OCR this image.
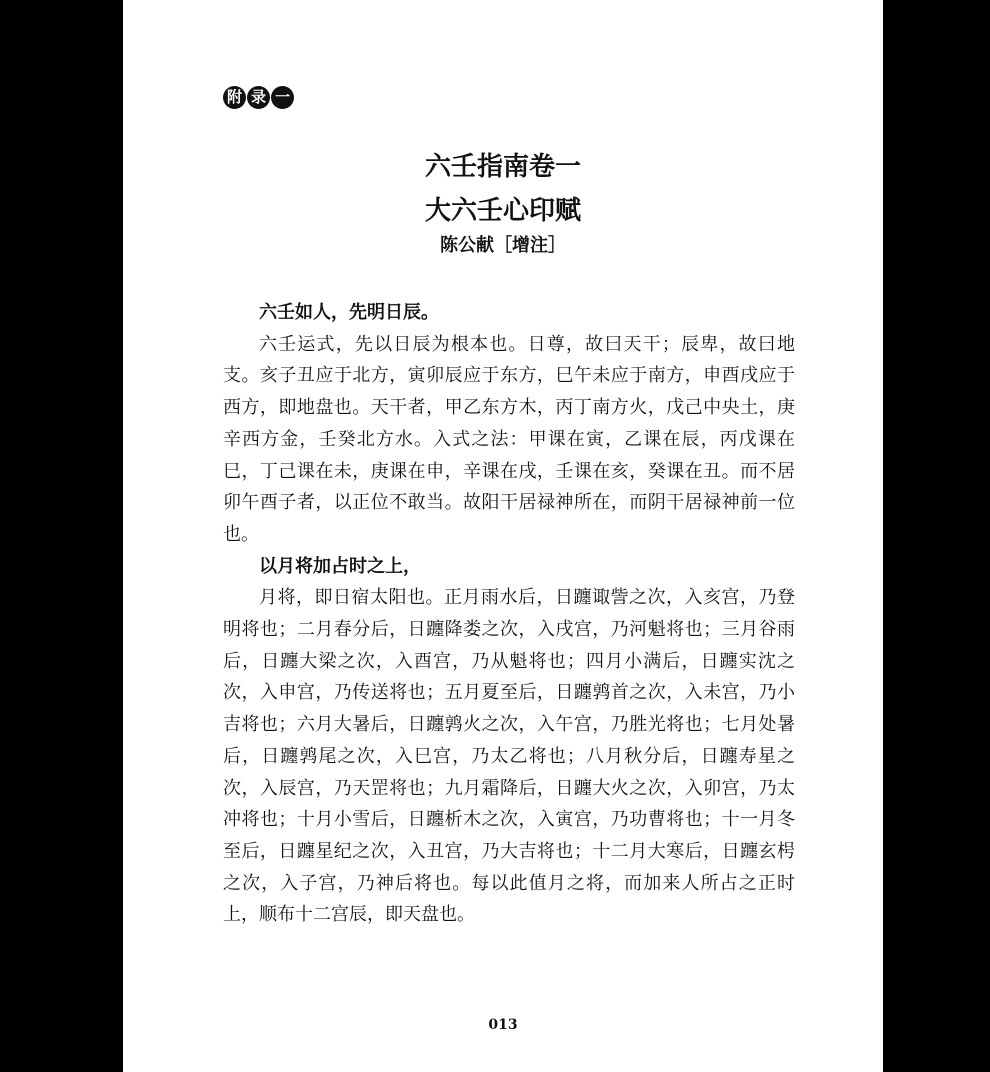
附 录 一
六壬指南卷一
大六壬心印赋
陈公献［增注］

六壬如人，先明日辰。

六壬运式，先以日辰为根本也。日尊，故曰天干；辰卑，故曰地支。亥子丑应于北方，寅卯辰应于东方，巳午未应于南方，申酉戌应于西方，即地盘也。天干者，甲乙东方木，丙丁南方火，戊己中央土，庚辛西方金，壬癸北方水。入式之法：甲课在寅，乙课在辰，丙戊课在巳，丁己课在未，庚课在申，辛课在戌，壬课在亥，癸课在丑。而不居卯午酉子者，以正位不敢当。故阳干居禄神所在，而阴干居禄神前一位也。

以月将加占时之上，

月将，即日宿太阳也。正月雨水后，日躔诹訾之次，入亥宫，乃登明将也；二月春分后，日躔降娄之次，入戌宫，乃河魁将也；三月谷雨后，日躔大梁之次，入酉宫，乃从魁将也；四月小满后，日躔实沈之次，入申宫，乃传送将也；五月夏至后，日躔鹑首之次，入未宫，乃小吉将也；六月大暑后，日躔鹑火之次，入午宫，乃胜光将也；七月处暑后，日躔鹑尾之次，入巳宫，乃太乙将也；八月秋分后，日躔寿星之次，入辰宫，乃天罡将也；九月霜降后，日躔大火之次，入卯宫，乃太冲将也；十月小雪后，日躔析木之次，入寅宫，乃功曹将也；十一月冬至后，日躔星纪之次，入丑宫，乃大吉将也；十二月大寒后，日躔玄枵之次，入子宫，乃神后将也。每以此值月之将，而加来人所占之正时上，顺布十二宫辰，即天盘也。

013
